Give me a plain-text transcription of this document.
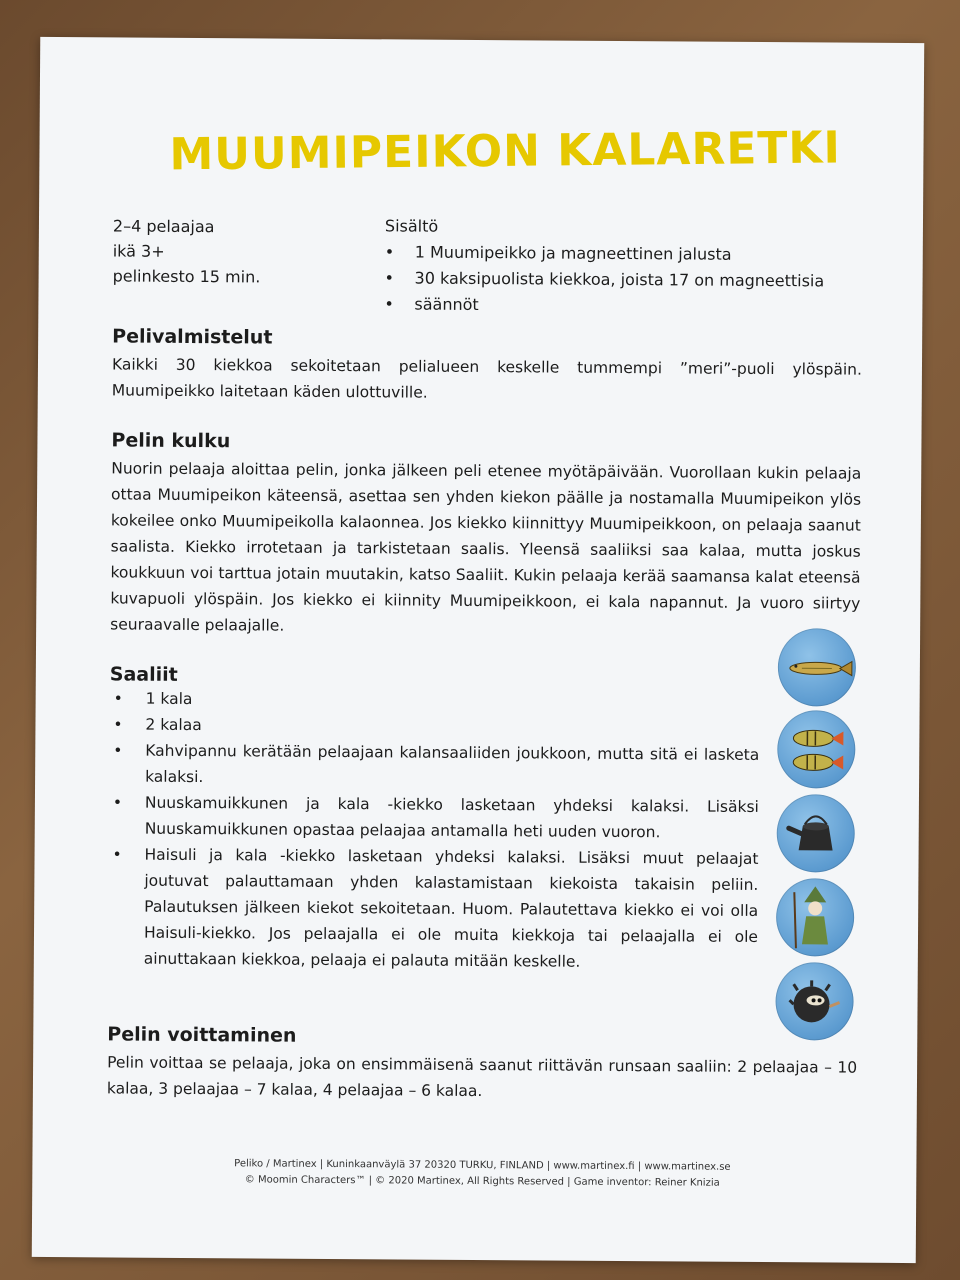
MUUMIPEIKON KALARETKI
2–4 pelaajaa
ikä 3+
pelinkesto 15 min.
Sisältö
• 1 Muumipeikko ja magneettinen jalusta
• 30 kaksipuolista kiekkoa, joista 17 on magneettisia
• säännöt
Pelivalmistelut

Kaikki 30 kiekkoa sekoitetaan pelialueen keskelle tummempi ”meri”-puoli ylöspäin. Muumipeikko laitetaan käden ulottuville.

Pelin kulku

Nuorin pelaaja aloittaa pelin, jonka jälkeen peli etenee myötäpäivään. Vuorollaan kukin pelaaja ottaa Muumipeikon käteensä, asettaa sen yhden kiekon päälle ja nostamalla Muumipeikon ylös kokeilee onko Muumipeikolla kalaonnea. Jos kiekko kiinnittyy Muumipeikkoon, on pelaaja saanut saalista. Kiekko irrotetaan ja tarkistetaan saalis. Yleensä saaliiksi saa kalaa, mutta joskus koukkuun voi tarttua jotain muutakin, katso Saaliit. Kukin pelaaja kerää saamansa kalat eteensä kuvapuoli ylöspäin. Jos kiekko ei kiinnity Muumipeikkoon, ei kala napannut. Ja vuoro siirtyy seuraavalle pelaajalle.

Saaliit
• 1 kala
• 2 kalaa
• Kahvipannu kerätään pelaajaan kalansaaliiden joukkoon, mutta sitä ei lasketa kalaksi.
• Nuuskamuikkunen ja kala -kiekko lasketaan yhdeksi kalaksi. Lisäksi Nuuskamuikkunen opastaa pelaajaa antamalla heti uuden vuoron.
• Haisuli ja kala -kiekko lasketaan yhdeksi kalaksi. Lisäksi muut pelaajat joutuvat palauttamaan yhden kalastamistaan kiekoista takaisin peliin. Palautuksen jälkeen kiekot sekoitetaan. Huom. Palautettava kiekko ei voi olla Haisuli-kiekko. Jos pelaajalla ei ole muita kiekkoja tai pelaajalla ei ole ainuttakaan kiekkoa, pelaaja ei palauta mitään keskelle.
Pelin voittaminen

Pelin voittaa se pelaaja, joka on ensimmäisenä saanut riittävän runsaan saaliin: 2 pelaajaa – 10 kalaa, 3 pelaajaa – 7 kalaa, 4 pelaajaa – 6 kalaa.

Peliko / Martinex | Kuninkaanväylä 37 20320 TURKU, FINLAND | www.martinex.fi | www.martinex.se
© Moomin Characters™ | © 2020 Martinex, All Rights Reserved | Game inventor: Reiner Knizia
